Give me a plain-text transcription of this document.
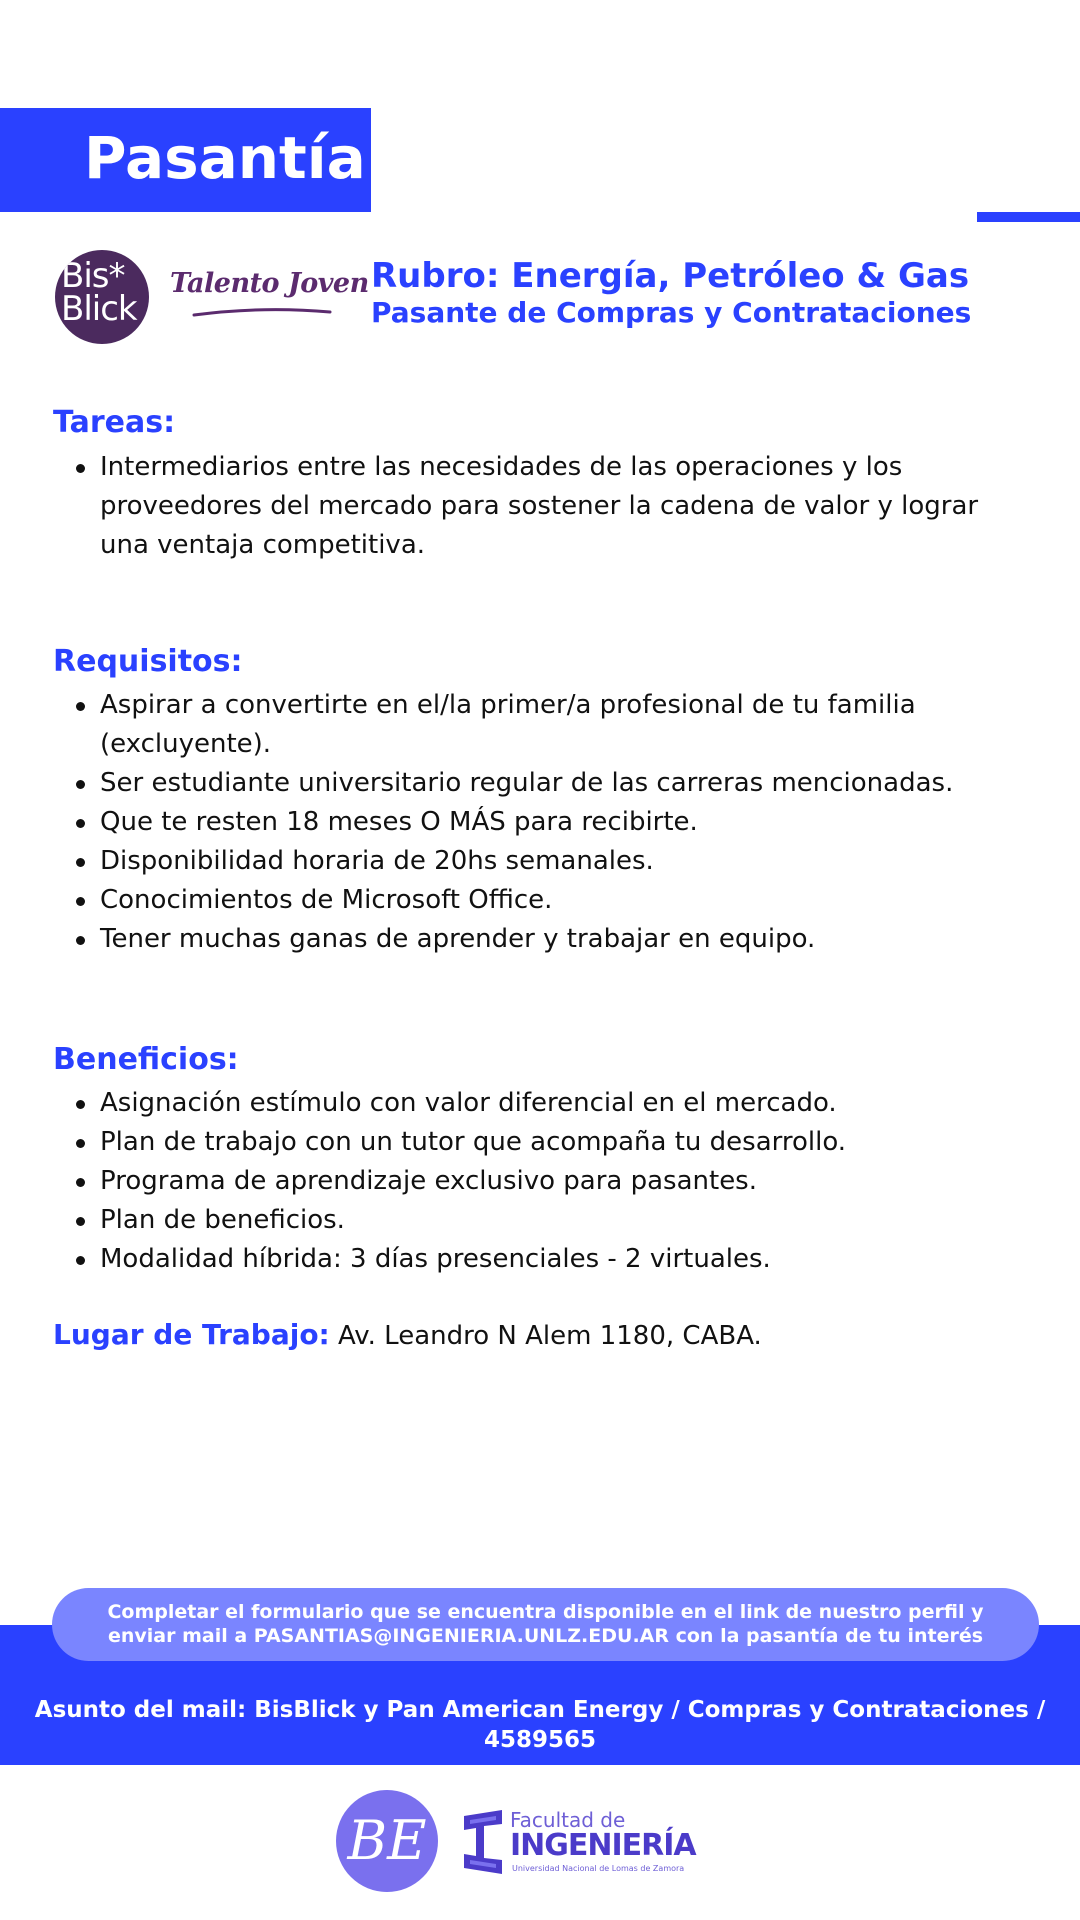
Pasantía
Bis*
Blick
Talento Joven Rubro: Energía, Petróleo & Gas
Pasante de Compras y Contrataciones
Tareas:
Intermediarios entre las necesidades de las operaciones y los proveedores del mercado para sostener la cadena de valor y lograr una ventaja competitiva.
Requisitos:
Aspirar a convertirte en el/la primer/a profesional de tu familia (excluyente).
Ser estudiante universitario regular de las carreras mencionadas.
Que te resten 18 meses O MÁS para recibirte.
Disponibilidad horaria de 20hs semanales.
Conocimientos de Microsoft Office.
Tener muchas ganas de aprender y trabajar en equipo.
Beneficios:
Asignación estímulo con valor diferencial en el mercado.
Plan de trabajo con un tutor que acompaña tu desarrollo.
Programa de aprendizaje exclusivo para pasantes.
Plan de beneficios.
Modalidad híbrida: 3 días presenciales - 2 virtuales.
Lugar de Trabajo: Av. Leandro N Alem 1180, CABA.
Completar el formulario que se encuentra disponible en el link de nuestro perfil y
enviar mail a PASANTIAS@INGENIERIA.UNLZ.EDU.AR con la pasantía de tu interés
Asunto del mail: BisBlick y Pan American Energy / Compras y Contrataciones / 4589565
BE	Facultad de
INGENIERÍA
Universidad Nacional de Lomas de Zamora
